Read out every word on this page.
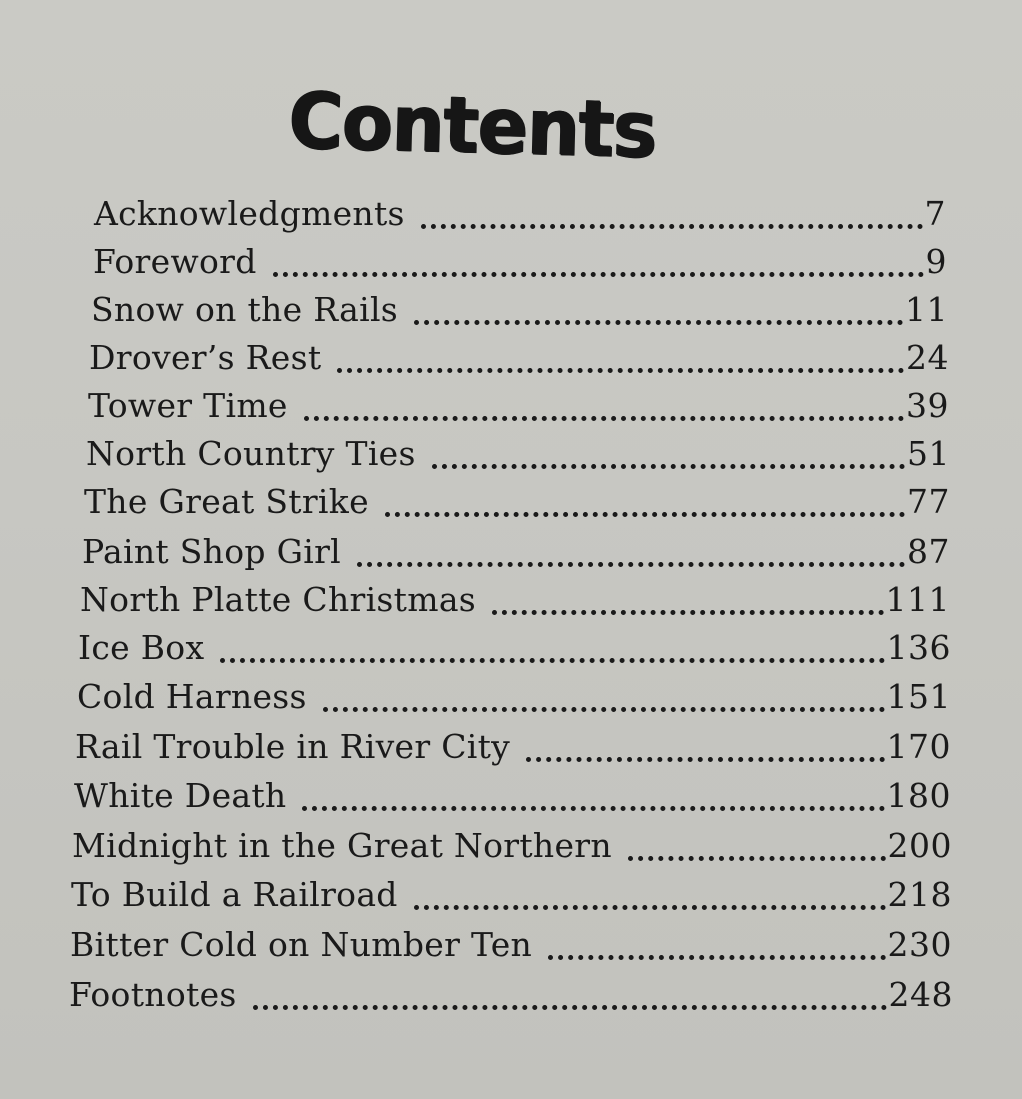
Contents
Acknowledgments	7
Foreword	9
Snow on the Rails	11
Drover’s Rest	24
Tower Time	39
North Country Ties	51
The Great Strike	77
Paint Shop Girl	87
North Platte Christmas	111
Ice Box	136
Cold Harness	151
Rail Trouble in River City	170
White Death	180
Midnight in the Great Northern	200
To Build a Railroad	218
Bitter Cold on Number Ten	230
Footnotes	248
